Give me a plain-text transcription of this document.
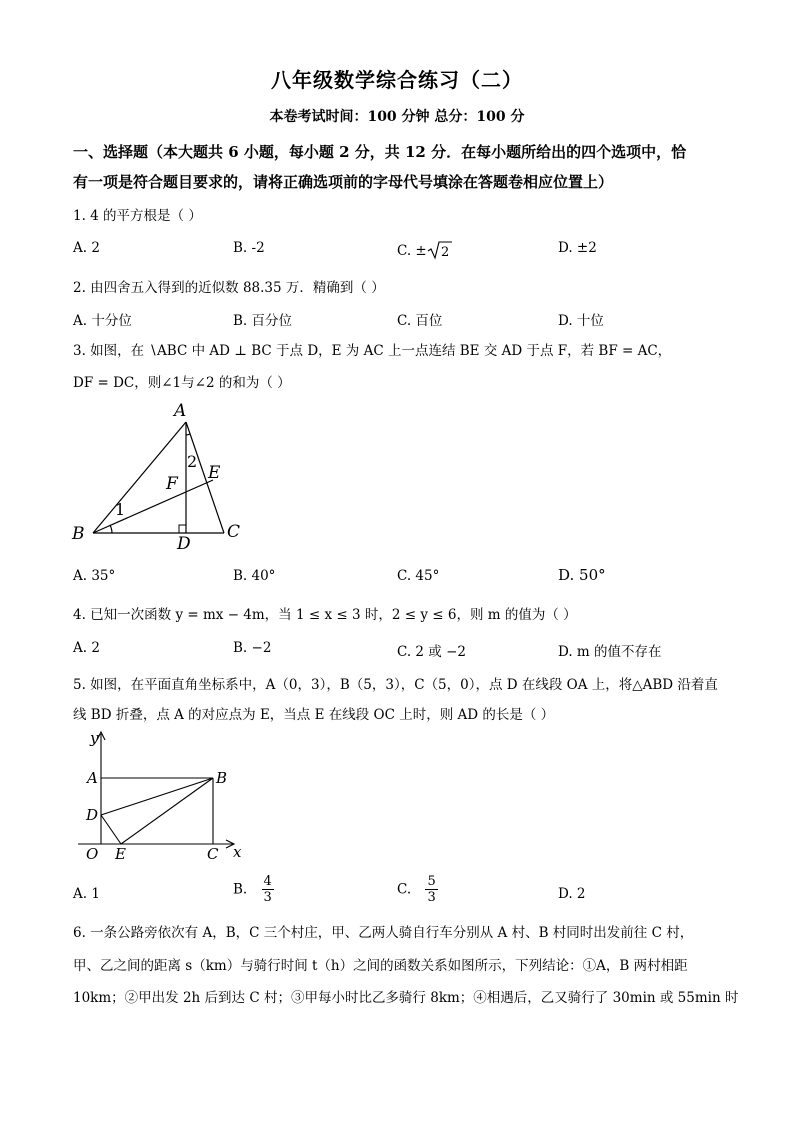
八年级数学综合练习（二）
本卷考试时间：100 分钟 总分：100 分
一、选择题（本大题共 6 小题，每小题 2 分，共 12 分．在每小题所给出的四个选项中，恰
有一项是符合题目要求的，请将正确选项前的字母代号填涂在答题卷相应位置上）
1. 4 的平方根是（ ）
A. 2	B. -2	C. ± 2	D. ±2
2. 由四舍五入得到的近似数 88.35 万．精确到（ ）
A. 十分位	B. 百分位	C. 百位	D. 十位
3. 如图，在 ∖ABC 中 AD ⊥ BC 于点 D，E 为 AC 上一点连结 BE 交 AD 于点 F，若 BF = AC，
DF = DC，则∠1与∠2 的和为（ ）
A
B	C
D
E
F
1
2
A. 35°	B. 40°	C. 45°	D. 50°
4. 已知一次函数 y = mx − 4m，当 1 ≤ x ≤ 3 时，2 ≤ y ≤ 6，则 m 的值为（ ）
A. 2	B. −2	C. 2 或 −2	D. m 的值不存在
5. 如图，在平面直角坐标系中，A（0，3），B（5，3），C（5，0），点 D 在线段 OA 上，将△ABD 沿着直
线 BD 折叠，点 A 的对应点为 E，当点 E 在线段 OC 上时，则 AD 的长是（ ）
y
x
A	B
C
D
E
O
A. 1	B. $\frac{4}{3}$	C. $\frac{5}{3}$	D. 2
6. 一条公路旁依次有 A，B，C 三个村庄，甲、乙两人骑自行车分别从 A 村、B 村同时出发前往 C 村，
甲、乙之间的距离 s（km）与骑行时间 t（h）之间的函数关系如图所示，下列结论：①A，B 两村相距
10km；②甲出发 2h 后到达 C 村；③甲每小时比乙多骑行 8km；④相遇后，乙又骑行了 30min 或 55min 时
